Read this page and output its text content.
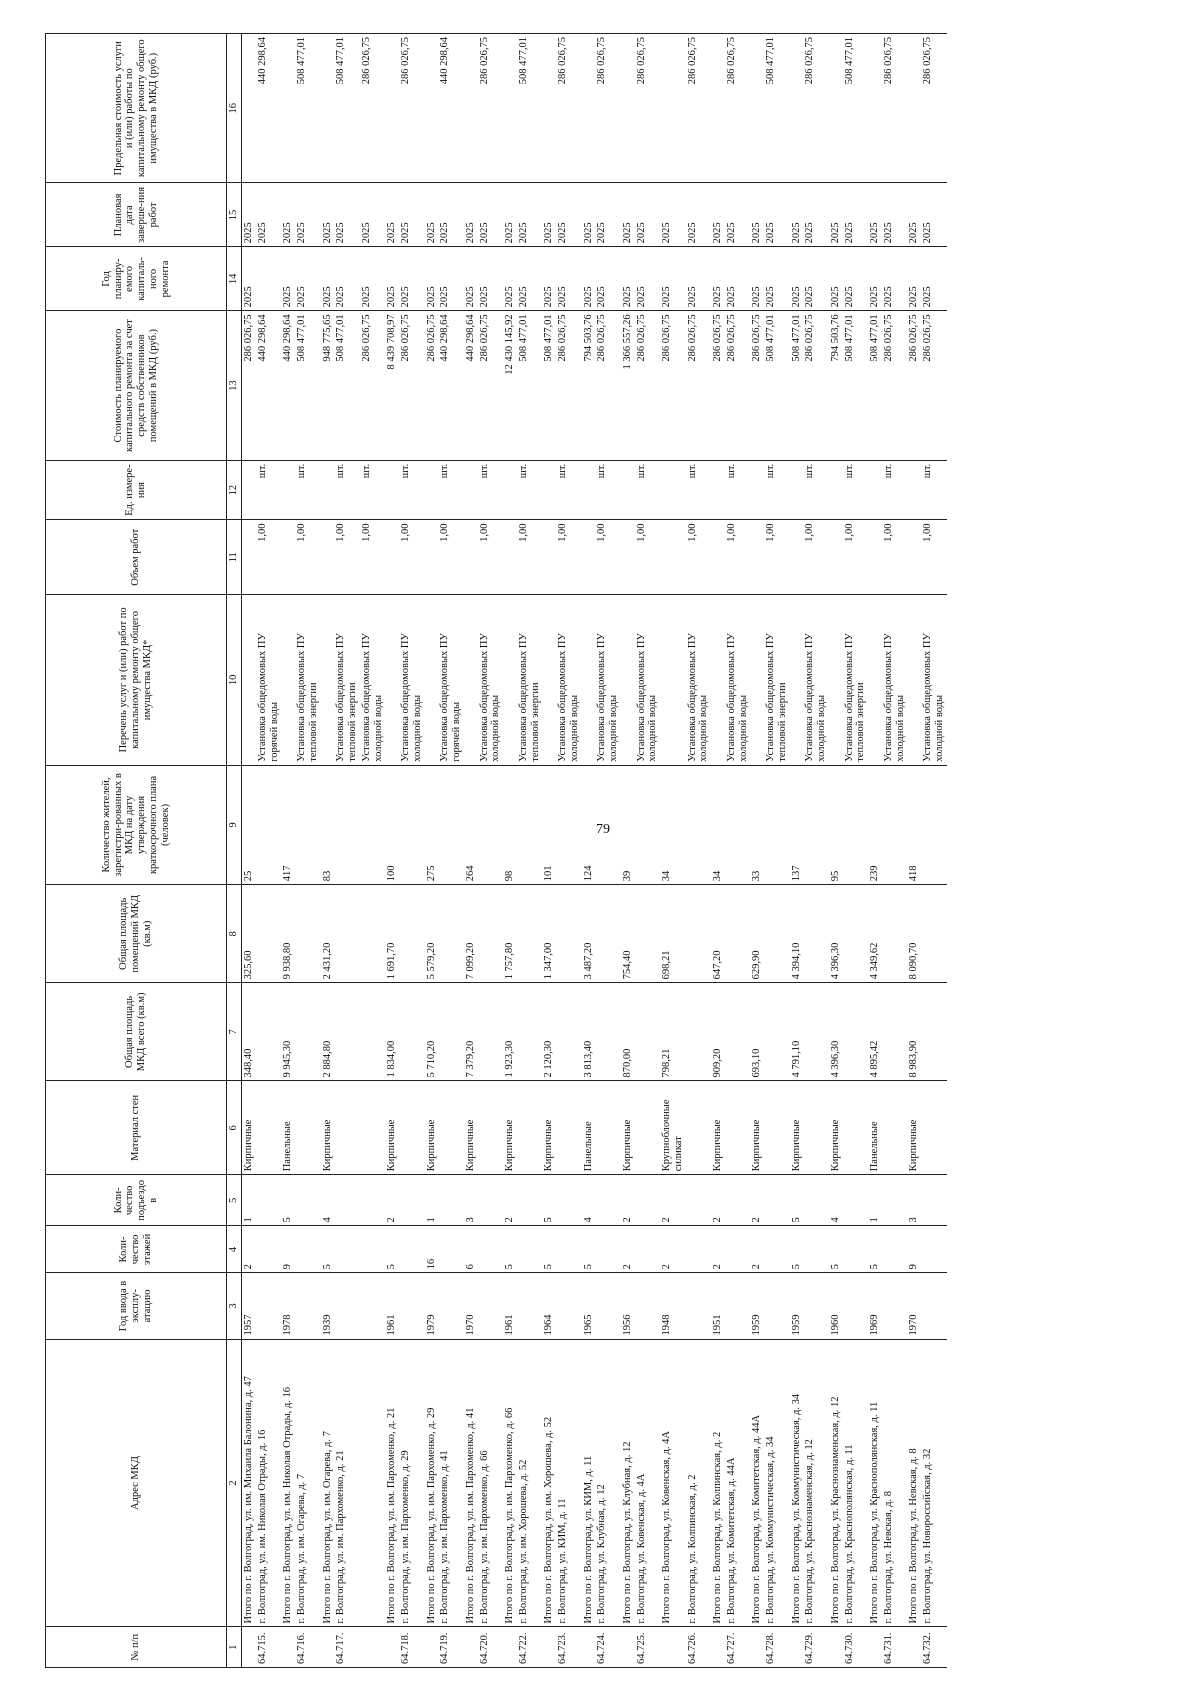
79
№ п/п	Адрес МКД	Год ввода в эксплу-атацию	Коли-чество этажей	Коли-чество подъездо в	Материал стен	Общая площадь МКД всего (кв.м)	Общая площадь помещений МКД (кв.м)	Количество жителей, зарегистри-рованных в МКД на дату утверждения краткосрочного плана (человек)	Перечень услуг и (или) работ по капитальному ремонту общего имущества МКД*	Объем работ	Ед. измере-ния	Стоимость планируемого капитального ремонта за счет средств собственников помещений в МКД (руб.)	Год планиру-емого капиталь-ного ремонта	Плановая дата заверше-ния работ	Предельная стоимость услуги и (или) работы по капитальному ремонту общего имущества в МКД (руб.)
1	2	3	4	5	6	7	8	9	10	11	12	13	14	15	16
	Итого по г. Волгоград, ул. им. Михаила Балонина, д. 47	1957	2	1	Кирпичные	348,40	325,60	25				286 026,75	2025	2025	
64.715.	г. Волгоград, ул. им. Николая Отрады, д. 16								Установка общедомовых ПУ горячей воды	1,00	шт.	440 298,64		2025	440 298,64
	Итого по г. Волгоград, ул. им. Николая Отрады, д. 16	1978	9	5	Панельные	9 945,30	9 938,80	417				440 298,64	2025	2025	
64.716.	г. Волгоград, ул. им. Огарева, д. 7								Установка общедомовых ПУ тепловой энергии	1,00	шт.	508 477,01	2025	2025	508 477,01
	Итого по г. Волгоград, ул. им. Огарева, д. 7	1939	5	4	Кирпичные	2 884,80	2 431,20	83				948 775,65	2025	2025	
64.717.	г. Волгоград, ул. им. Пархоменко, д. 21								Установка общедомовых ПУ тепловой энергии	1,00	шт.	508 477,01	2025	2025	508 477,01
									Установка общедомовых ПУ холодной воды	1,00	шт.	286 026,75	2025	2025	286 026,75
	Итого по г. Волгоград, ул. им. Пархоменко, д. 21	1961	5	2	Кирпичные	1 834,00	1 691,70	100				8 439 708,97	2025	2025	
64.718.	г. Волгоград, ул. им. Пархоменко, д. 29								Установка общедомовых ПУ холодной воды	1,00	шт.	286 026,75	2025	2025	286 026,75
	Итого по г. Волгоград, ул. им. Пархоменко, д. 29	1979	16	1	Кирпичные	5 710,20	5 579,20	275				286 026,75	2025	2025	
64.719.	г. Волгоград, ул. им. Пархоменко, д. 41								Установка общедомовых ПУ горячей воды	1,00	шт.	440 298,64	2025	2025	440 298,64
	Итого по г. Волгоград, ул. им. Пархоменко, д. 41	1970	6	3	Кирпичные	7 379,20	7 099,20	264				440 298,64	2025	2025	
64.720.	г. Волгоград, ул. им. Пархоменко, д. 66								Установка общедомовых ПУ холодной воды	1,00	шт.	286 026,75	2025	2025	286 026,75
	Итого по г. Волгоград, ул. им. Пархоменко, д. 66	1961	5	2	Кирпичные	1 923,30	1 757,80	98				12 430 145,92	2025	2025	
64.722.	г. Волгоград, ул. им. Хорошева, д. 52								Установка общедомовых ПУ тепловой энергии	1,00	шт.	508 477,01	2025	2025	508 477,01
	Итого по г. Волгоград, ул. им. Хорошева, д. 52	1964	5	5	Кирпичные	2 120,30	1 347,00	101				508 477,01	2025	2025	
64.723.	г. Волгоград, ул. КИМ, д. 11								Установка общедомовых ПУ холодной воды	1,00	шт.	286 026,75	2025	2025	286 026,75
	Итого по г. Волгоград, ул. КИМ, д. 11	1965	5	4	Панельные	3 813,40	3 487,20	124				794 503,76	2025	2025	
64.724.	г. Волгоград, ул. Клубная, д. 12								Установка общедомовых ПУ холодной воды	1,00	шт.	286 026,75	2025	2025	286 026,75
	Итого по г. Волгоград, ул. Клубная, д. 12	1956	2	2	Кирпичные	870,00	754,40	39				1 366 557,26	2025	2025	
64.725.	г. Волгоград, ул. Ковенская, д. 4А								Установка общедомовых ПУ холодной воды	1,00	шт.	286 026,75	2025	2025	286 026,75
	Итого по г. Волгоград, ул. Ковенская, д. 4А	1948	2	2	Крупноблочные силикат	798,21	698,21	34				286 026,75	2025	2025	
64.726.	г. Волгоград, ул. Колпинская, д. 2								Установка общедомовых ПУ холодной воды	1,00	шт.	286 026,75	2025	2025	286 026,75
	Итого по г. Волгоград, ул. Колпинская, д. 2	1951	2	2	Кирпичные	909,20	647,20	34				286 026,75	2025	2025	
64.727.	г. Волгоград, ул. Комитетская, д. 44А								Установка общедомовых ПУ холодной воды	1,00	шт.	286 026,75	2025	2025	286 026,75
	Итого по г. Волгоград, ул. Комитетская, д. 44А	1959	2	2	Кирпичные	693,10	629,90	33				286 026,75	2025	2025	
64.728.	г. Волгоград, ул. Коммунистическая, д. 34								Установка общедомовых ПУ тепловой энергии	1,00	шт.	508 477,01	2025	2025	508 477,01
	Итого по г. Волгоград, ул. Коммунистическая, д. 34	1959	5	5	Кирпичные	4 791,10	4 394,10	137				508 477,01	2025	2025	
64.729.	г. Волгоград, ул. Краснознаменская, д. 12								Установка общедомовых ПУ холодной воды	1,00	шт.	286 026,75	2025	2025	286 026,75
	Итого по г. Волгоград, ул. Краснознаменская, д. 12	1960	5	4	Кирпичные	4 396,30	4 396,30	95				794 503,76	2025	2025	
64.730.	г. Волгоград, ул. Краснополянская, д. 11								Установка общедомовых ПУ тепловой энергии	1,00	шт.	508 477,01	2025	2025	508 477,01
	Итого по г. Волгоград, ул. Краснополянская, д. 11	1969	5	1	Панельные	4 895,42	4 349,62	239				508 477,01	2025	2025	
64.731.	г. Волгоград, ул. Невская, д. 8								Установка общедомовых ПУ холодной воды	1,00	шт.	286 026,75	2025	2025	286 026,75
	Итого по г. Волгоград, ул. Невская, д. 8	1970	9	3	Кирпичные	8 983,90	8 090,70	418				286 026,75	2025	2025	
64.732.	г. Волгоград, ул. Новороссийская, д. 32								Установка общедомовых ПУ холодной воды	1,00	шт.	286 026,75	2025	2025	286 026,75
